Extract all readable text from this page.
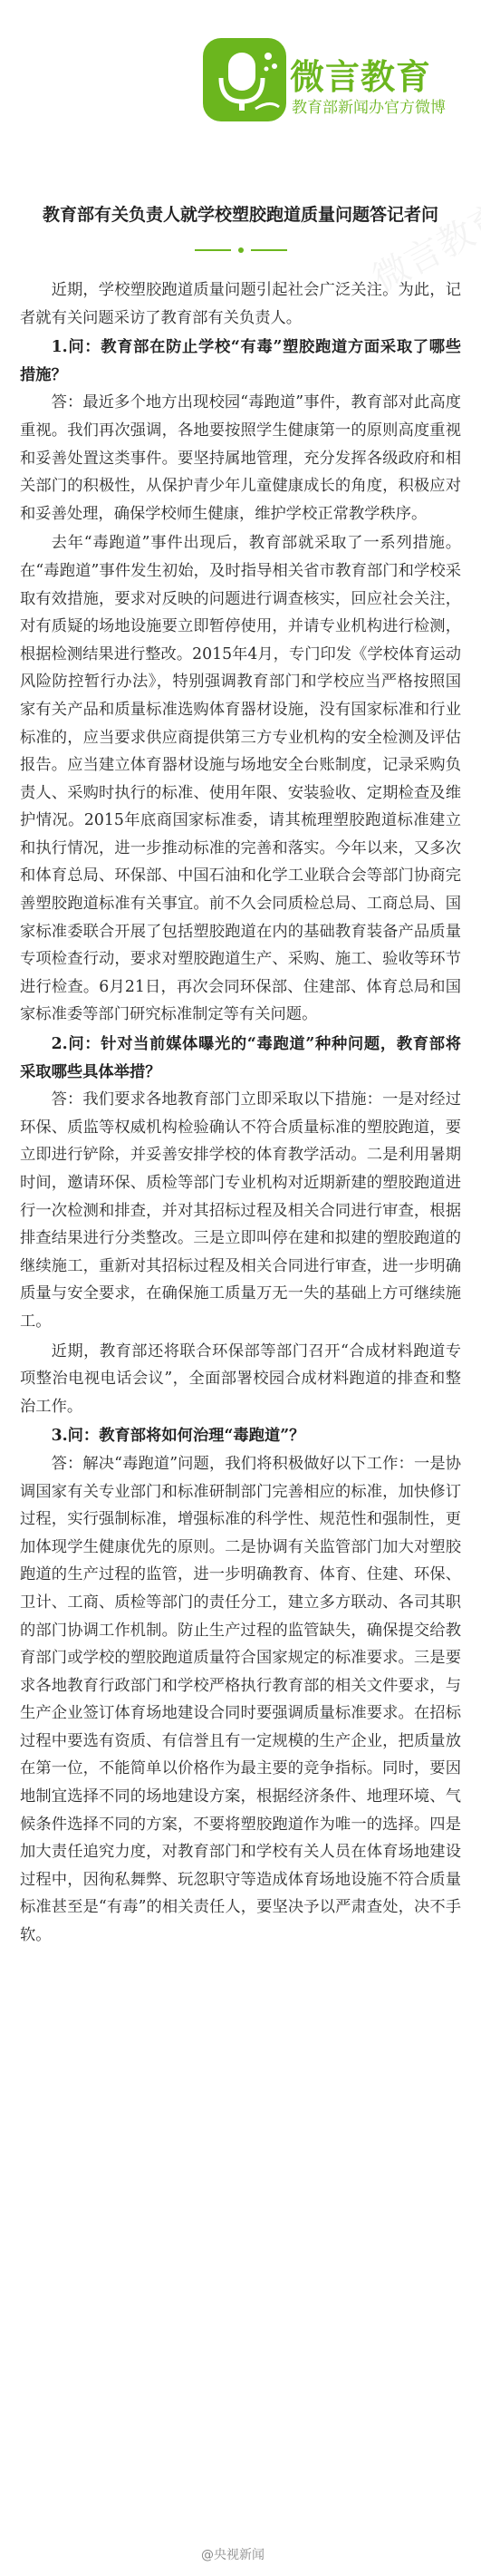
微言教育
教育部新闻办官方微博
教育部有关负责人就学校塑胶跑道质量问题答记者问

近期，学校塑胶跑道质量问题引起社会广泛关注。为此，记者就有关问题采访了教育部有关负责人。

1.问：教育部在防止学校“有毒”塑胶跑道方面采取了哪些措施？

答：最近多个地方出现校园“毒跑道”事件，教育部对此高度重视。我们再次强调，各地要按照学生健康第一的原则高度重视和妥善处置这类事件。要坚持属地管理，充分发挥各级政府和相关部门的积极性，从保护青少年儿童健康成长的角度，积极应对和妥善处理，确保学校师生健康，维护学校正常教学秩序。

去年“毒跑道”事件出现后，教育部就采取了一系列措施。在“毒跑道”事件发生初始，及时指导相关省市教育部门和学校采取有效措施，要求对反映的问题进行调查核实，回应社会关注，对有质疑的场地设施要立即暂停使用，并请专业机构进行检测，根据检测结果进行整改。2015年4月，专门印发《学校体育运动风险防控暂行办法》，特别强调教育部门和学校应当严格按照国家有关产品和质量标准选购体育器材设施，没有国家标准和行业标准的，应当要求供应商提供第三方专业机构的安全检测及评估报告。应当建立体育器材设施与场地安全台账制度，记录采购负责人、采购时执行的标准、使用年限、安装验收、定期检查及维护情况。2015年底商国家标准委，请其梳理塑胶跑道标准建立和执行情况，进一步推动标准的完善和落实。今年以来，又多次和体育总局、环保部、中国石油和化学工业联合会等部门协商完善塑胶跑道标准有关事宜。前不久会同质检总局、工商总局、国家标准委联合开展了包括塑胶跑道在内的基础教育装备产品质量专项检查行动，要求对塑胶跑道生产、采购、施工、验收等环节进行检查。6月21日，再次会同环保部、住建部、体育总局和国家标准委等部门研究标准制定等有关问题。

2.问：针对当前媒体曝光的“毒跑道”种种问题，教育部将采取哪些具体举措？

答：我们要求各地教育部门立即采取以下措施：一是对经过环保、质监等权威机构检验确认不符合质量标准的塑胶跑道，要立即进行铲除，并妥善安排学校的体育教学活动。二是利用暑期时间，邀请环保、质检等部门专业机构对近期新建的塑胶跑道进行一次检测和排查，并对其招标过程及相关合同进行审查，根据排查结果进行分类整改。三是立即叫停在建和拟建的塑胶跑道的继续施工，重新对其招标过程及相关合同进行审查，进一步明确质量与安全要求，在确保施工质量万无一失的基础上方可继续施工。

近期，教育部还将联合环保部等部门召开“合成材料跑道专项整治电视电话会议”，全面部署校园合成材料跑道的排查和整治工作。

3.问：教育部将如何治理“毒跑道”？

答：解决“毒跑道”问题，我们将积极做好以下工作：一是协调国家有关专业部门和标准研制部门完善相应的标准，加快修订过程，实行强制标准，增强标准的科学性、规范性和强制性，更加体现学生健康优先的原则。二是协调有关监管部门加大对塑胶跑道的生产过程的监管，进一步明确教育、体育、住建、环保、卫计、工商、质检等部门的责任分工，建立多方联动、各司其职的部门协调工作机制。防止生产过程的监管缺失，确保提交给教育部门或学校的塑胶跑道质量符合国家规定的标准要求。三是要求各地教育行政部门和学校严格执行教育部的相关文件要求，与生产企业签订体育场地建设合同时要强调质量标准要求。在招标过程中要选有资质、有信誉且有一定规模的生产企业，把质量放在第一位，不能简单以价格作为最主要的竞争指标。同时，要因地制宜选择不同的场地建设方案，根据经济条件、地理环境、气候条件选择不同的方案，不要将塑胶跑道作为唯一的选择。四是加大责任追究力度，对教育部门和学校有关人员在体育场地建设过程中，因徇私舞弊、玩忽职守等造成体育场地设施不符合质量标准甚至是“有毒”的相关责任人，要坚决予以严肃查处，决不手软。

@央视新闻
